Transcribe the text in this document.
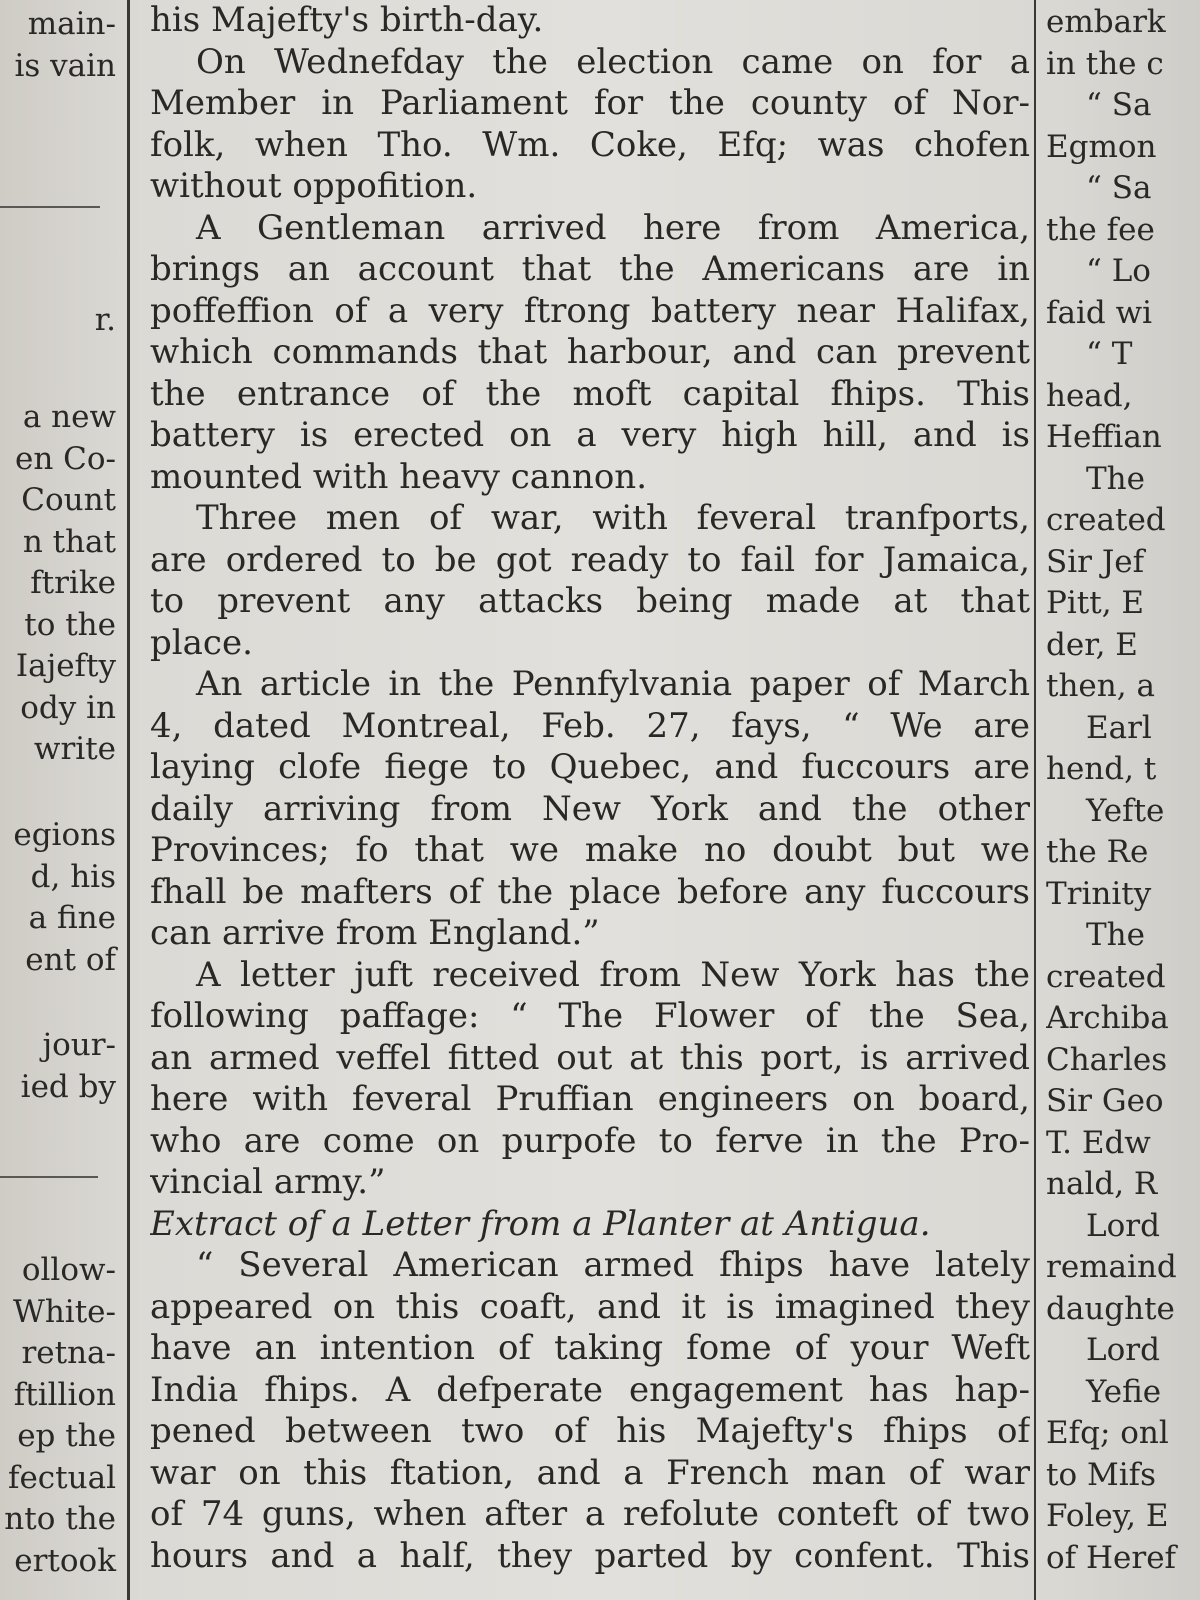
main-
is vain
r.
a new
en Co-
Count
n that
ftrike
to the
Iajefty
ody in
write
egions
d, his
a fine
ent of
jour-
ied by
ollow-
White-
retna-
ftillion
ep the
fectual
nto the
ertook
his Majefty's birth-day.
On Wednefday the election came on for a
Member in Parliament for the county of Nor-
folk, when Tho. Wm. Coke, Efq; was chofen
without oppofition.
A Gentleman arrived here from America,
brings an account that the Americans are in
poffeffion of a very ftrong battery near Halifax,
which commands that harbour, and can prevent
the entrance of the moft capital fhips. This
battery is erected on a very high hill, and is
mounted with heavy cannon.
Three men of war, with feveral tranfports,
are ordered to be got ready to fail for Jamaica,
to prevent any attacks being made at that
place.
An article in the Pennfylvania paper of March
4, dated Montreal, Feb. 27, fays, “ We are
laying clofe fiege to Quebec, and fuccours are
daily arriving from New York and the other
Provinces; fo that we make no doubt but we
fhall be mafters of the place before any fuccours
can arrive from England.”
A letter juft received from New York has the
following paffage: “ The Flower of the Sea,
an armed veffel fitted out at this port, is arrived
here with feveral Pruffian engineers on board,
who are come on purpofe to ferve in the Pro-
vincial army.”
Extract of a Letter from a Planter at Antigua.
“ Several American armed fhips have lately
appeared on this coaft, and it is imagined they
have an intention of taking fome of your Weft
India fhips. A defperate engagement has hap-
pened between two of his Majefty's fhips of
war on this ftation, and a French man of war
of 74 guns, when after a refolute conteft of two
hours and a half, they parted by confent. This
embark
in the c
“ Sa
Egmon
“ Sa
the fee
“ Lo
faid wi
“ T
head,
Heffian
The
created
Sir Jef
Pitt, E
der, E
then, a
Earl
hend, t
Yefte
the Re
Trinity
The
created
Archiba
Charles
Sir Geo
T. Edw
nald, R
Lord
remaind
daughte
Lord
Yefie
Efq; onl
to Mifs
Foley, E
of Heref
